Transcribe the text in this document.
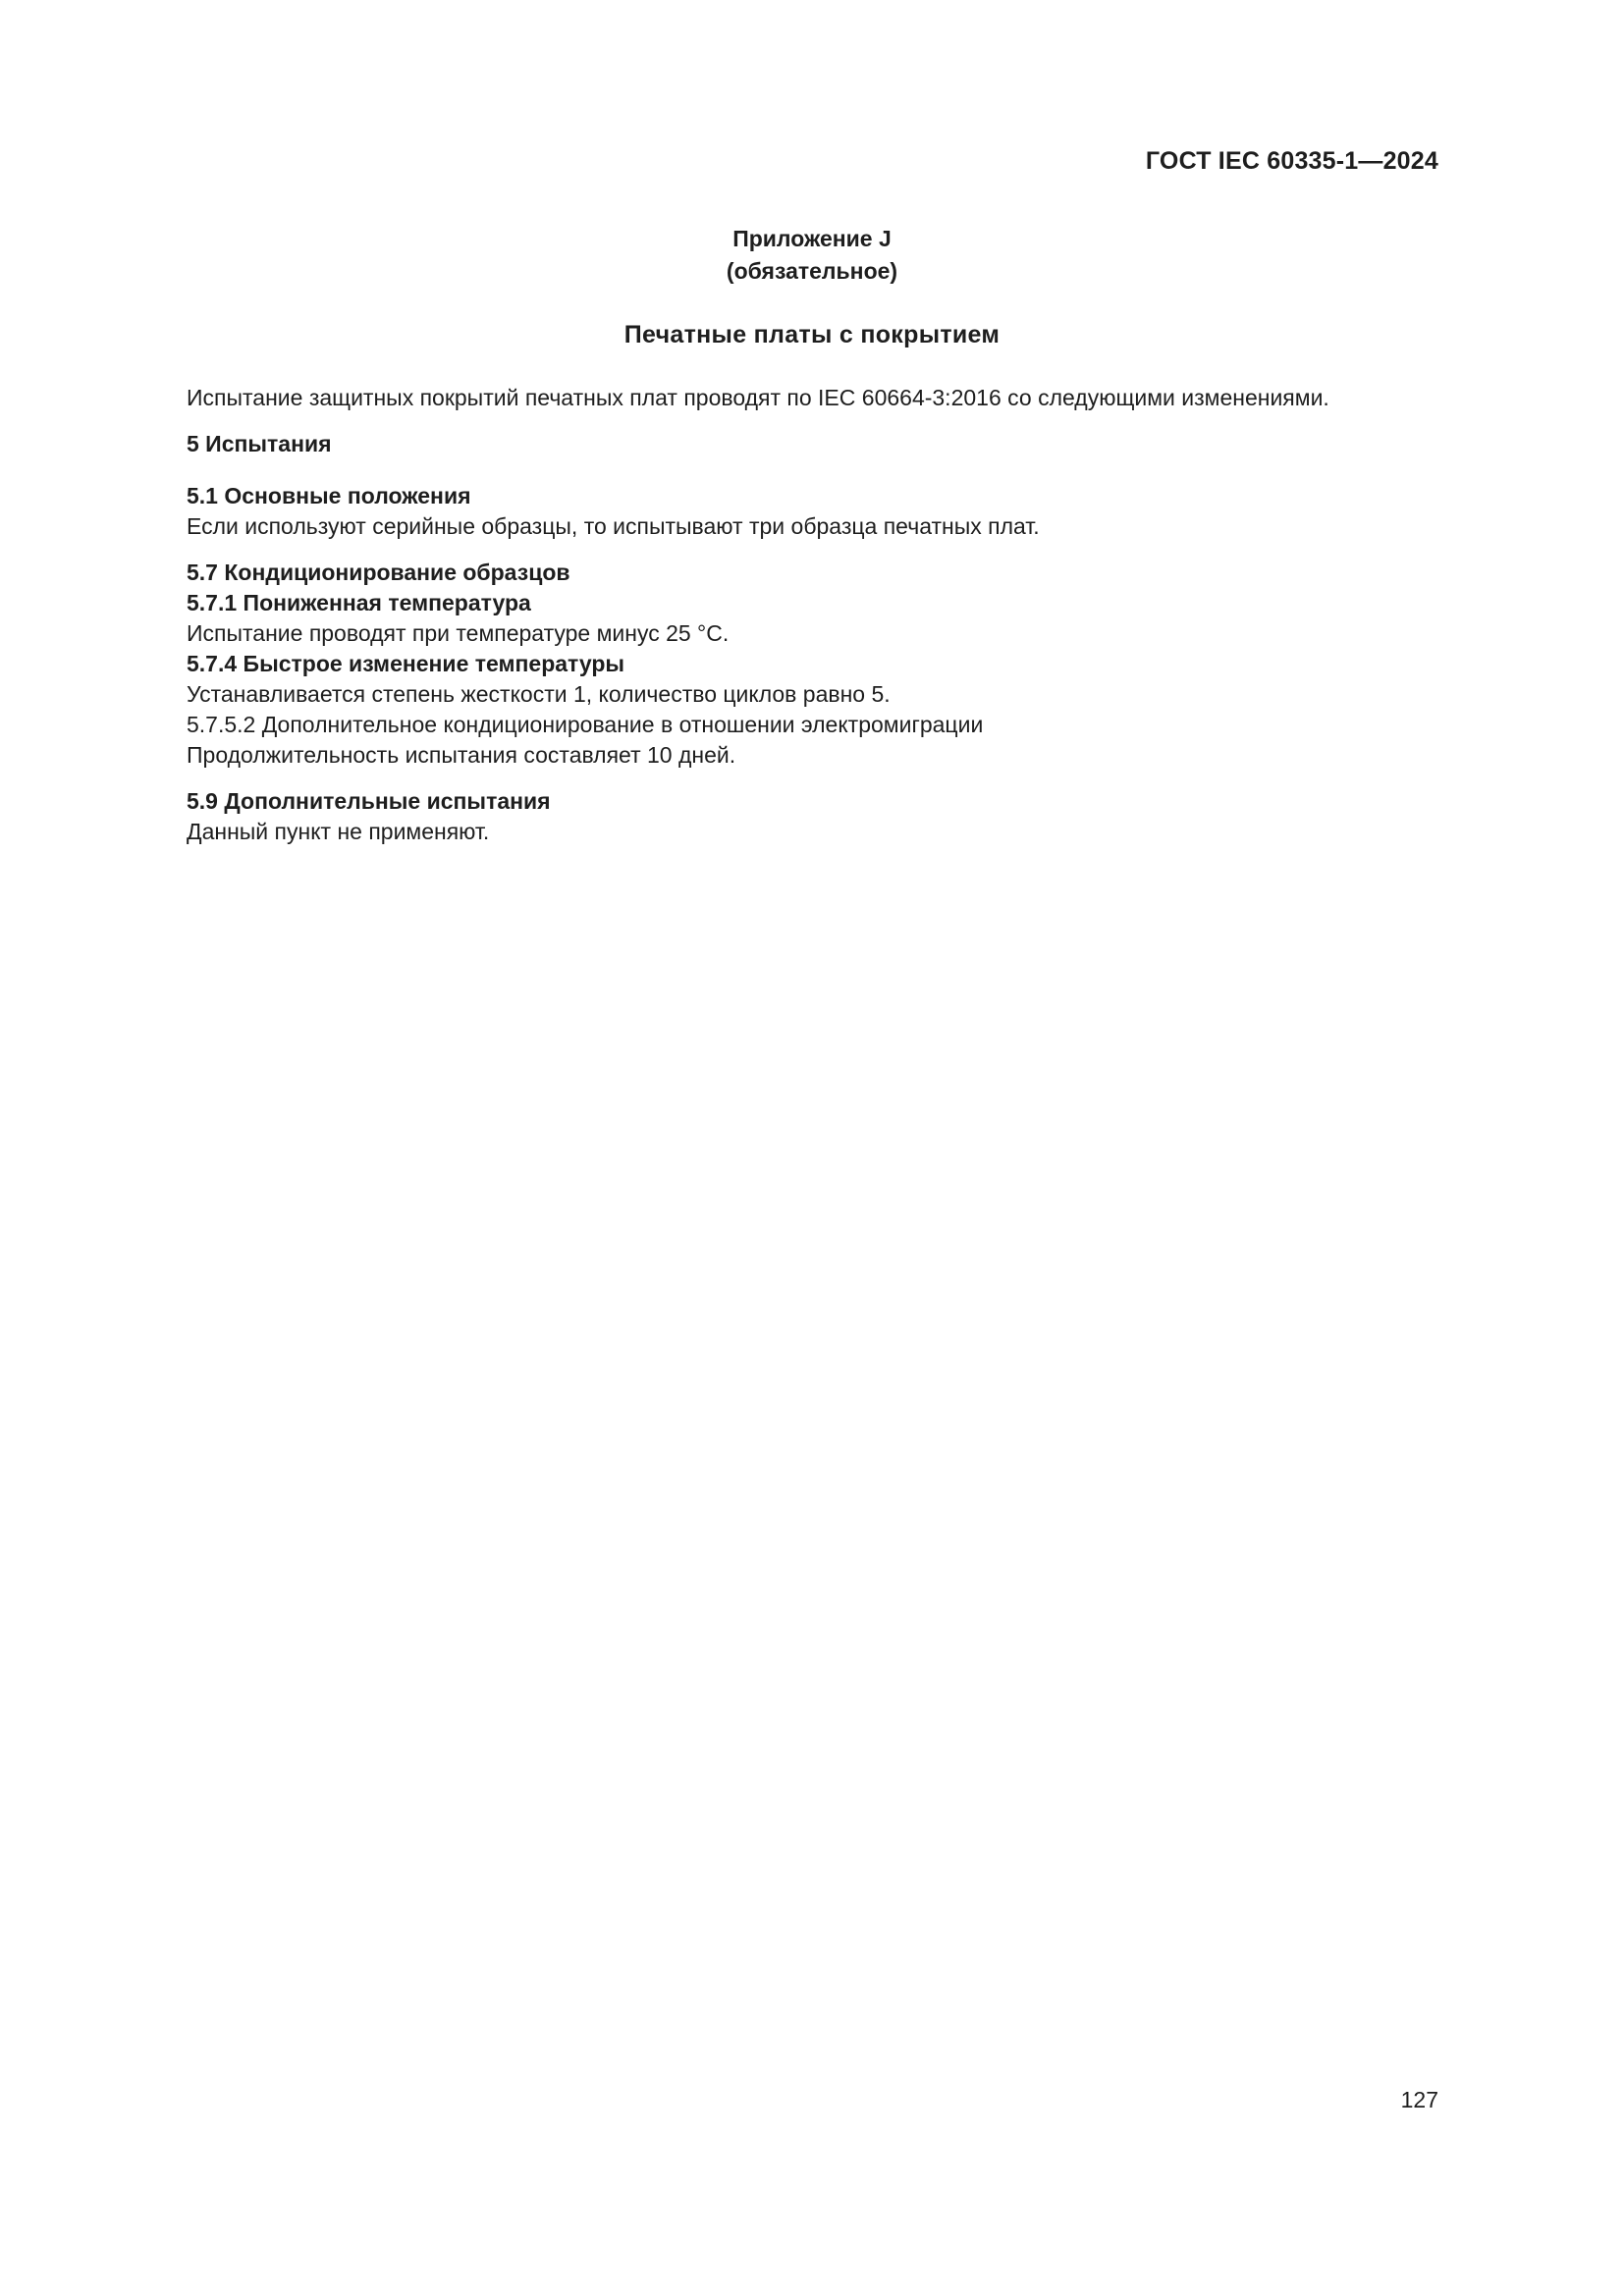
ГОСТ IEC 60335-1—2024
Приложение J
(обязательное)
Печатные платы с покрытием

Испытание защитных покрытий печатных плат проводят по IEC 60664-3:2016 со следующими изменениями.

5 Испытания

5.1 Основные положения

Если используют серийные образцы, то испытывают три образца печатных плат.

5.7 Кондиционирование образцов

5.7.1 Пониженная температура

Испытание проводят при температуре минус 25 °С.

5.7.4 Быстрое изменение температуры

Устанавливается степень жесткости 1, количество циклов равно 5.

5.7.5.2 Дополнительное кондиционирование в отношении электромиграции

Продолжительность испытания составляет 10 дней.

5.9 Дополнительные испытания

Данный пункт не применяют.

127
